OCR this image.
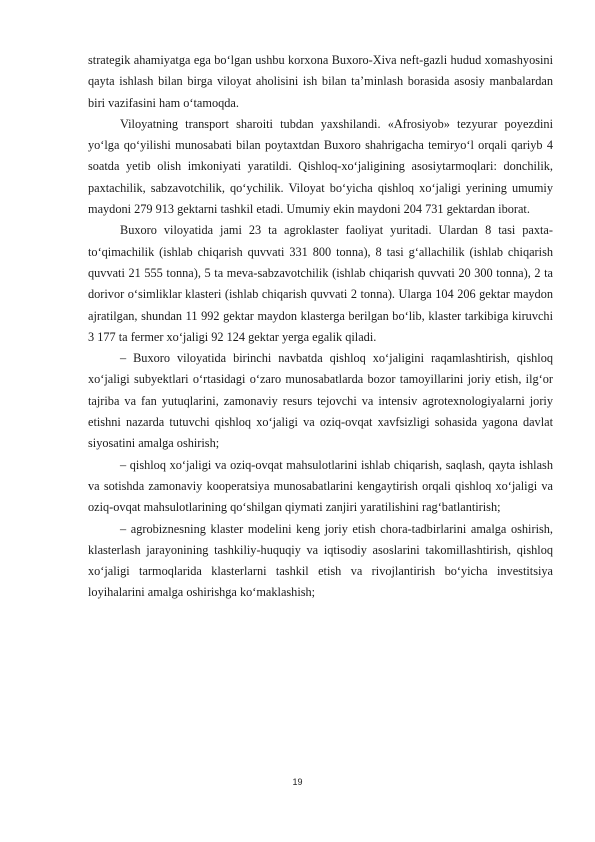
strategik ahamiyatga ega bo‘lgan ushbu korxona Buxoro-Xiva neft-gazli hudud xomashyosini qayta ishlash bilan birga viloyat aholisini ish bilan ta’minlash borasida asosiy manbalardan biri vazifasini ham o‘tamoqda.

Viloyatning transport sharoiti tubdan yaxshilandi. «Afrosiyob» tezyurar poyezdini yo‘lga qo‘yilishi munosabati bilan poytaxtdan Buxoro shahrigacha temiryo‘l orqali qariyb 4 soatda yetib olish imkoniyati yaratildi. Qishloq-xo‘jaligining asosiytarmoqlari: donchilik, paxtachilik, sabzavotchilik, qo‘ychilik. Viloyat bo‘yicha qishloq xo‘jaligi yerining umumiy maydoni 279 913 gektarni tashkil etadi. Umumiy ekin maydoni 204 731 gektardan iborat.

Buxoro viloyatida jami 23 ta agroklaster faoliyat yuritadi. Ulardan 8 tasi paxta-to‘qimachilik (ishlab chiqarish quvvati 331 800 tonna), 8 tasi g‘allachilik (ishlab chiqarish quvvati 21 555 tonna), 5 ta meva-sabzavotchilik (ishlab chiqarish quvvati 20 300 tonna), 2 ta dorivor o‘simliklar klasteri (ishlab chiqarish quvvati 2 tonna). Ularga 104 206 gektar maydon ajratilgan, shundan 11 992 gektar maydon klasterga berilgan bo‘lib, klaster tarkibiga kiruvchi 3 177 ta fermer xo‘jaligi 92 124 gektar yerga egalik qiladi.

– Buxoro viloyatida birinchi navbatda qishloq xo‘jaligini raqamlashtirish, qishloq xo‘jaligi subyektlari o‘rtasidagi o‘zaro munosabatlarda bozor tamoyillarini joriy etish, ilg‘or tajriba va fan yutuqlarini, zamonaviy resurs tejovchi va intensiv agrotexnologiyalarni joriy etishni nazarda tutuvchi qishloq xo‘jaligi va oziq-ovqat xavfsizligi sohasida yagona davlat siyosatini amalga oshirish;

– qishloq xo‘jaligi va oziq-ovqat mahsulotlarini ishlab chiqarish, saqlash, qayta ishlash va sotishda zamonaviy kooperatsiya munosabatlarini kengaytirish orqali qishloq xo‘jaligi va oziq-ovqat mahsulotlarining qo‘shilgan qiymati zanjiri yaratilishini rag‘batlantirish;

– agrobiznesning klaster modelini keng joriy etish chora-tadbirlarini amalga oshirish, klasterlash jarayonining tashkiliy-huquqiy va iqtisodiy asoslarini takomillashtirish, qishloq xo‘jaligi tarmoqlarida klasterlarni tashkil etish va rivojlantirish bo‘yicha investitsiya loyihalarini amalga oshirishga ko‘maklashish;

19
